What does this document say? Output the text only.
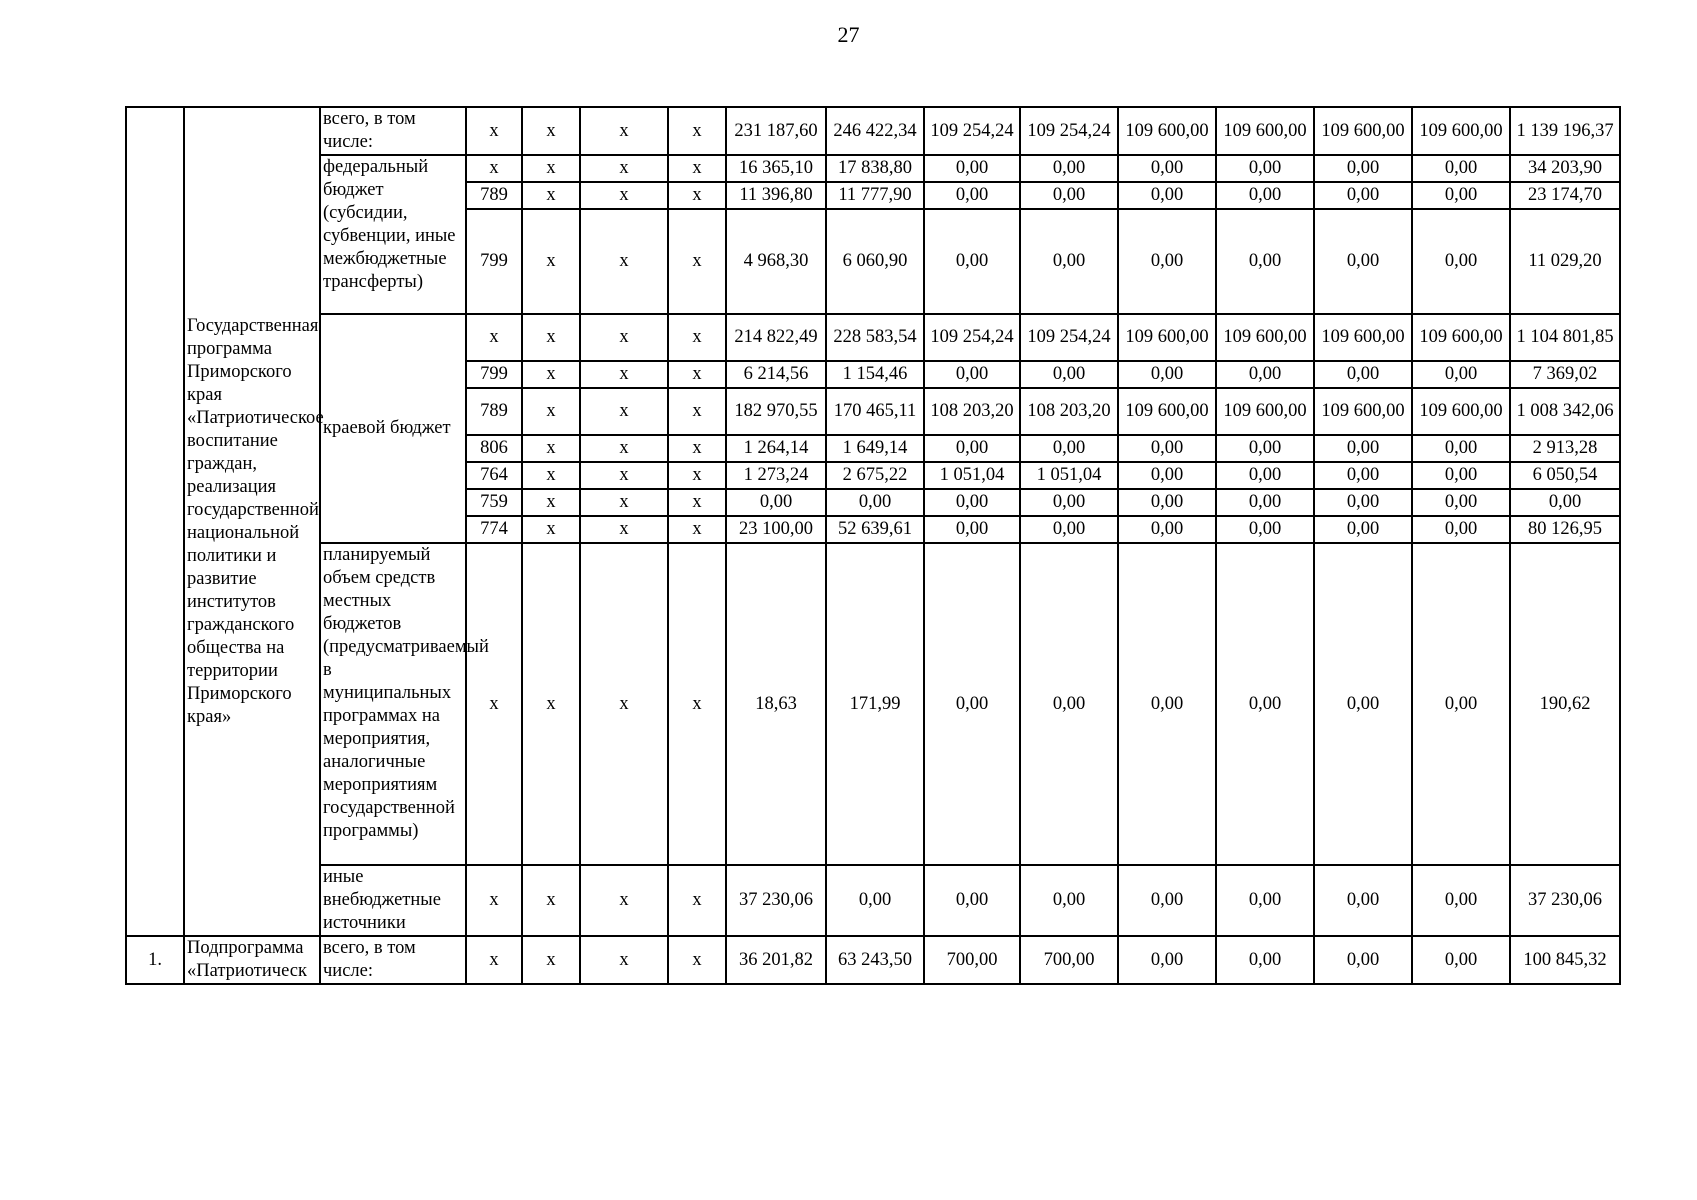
27
	Государственная программа Приморского края «Патриотическое воспитание граждан, реализация государственной национальной политики и развитие институтов гражданского общества на территории Приморского края»	всего, в том числе:	x	x	x	x	231 187,60	246 422,34	109 254,24	109 254,24	109 600,00	109 600,00	109 600,00	109 600,00	1 139 196,37
		федеральный бюджет (субсидии, субвенции, иные межбюджетные трансферты)	x	x	x	x	16 365,10	17 838,80	0,00	0,00	0,00	0,00	0,00	0,00	34 203,90
			789	x	x	x	11 396,80	11 777,90	0,00	0,00	0,00	0,00	0,00	0,00	23 174,70
			799	x	x	x	4 968,30	6 060,90	0,00	0,00	0,00	0,00	0,00	0,00	11 029,20
		краевой бюджет	x	x	x	x	214 822,49	228 583,54	109 254,24	109 254,24	109 600,00	109 600,00	109 600,00	109 600,00	1 104 801,85
			799	x	x	x	6 214,56	1 154,46	0,00	0,00	0,00	0,00	0,00	0,00	7 369,02
			789	x	x	x	182 970,55	170 465,11	108 203,20	108 203,20	109 600,00	109 600,00	109 600,00	109 600,00	1 008 342,06
			806	x	x	x	1 264,14	1 649,14	0,00	0,00	0,00	0,00	0,00	0,00	2 913,28
			764	x	x	x	1 273,24	2 675,22	1 051,04	1 051,04	0,00	0,00	0,00	0,00	6 050,54
			759	x	x	x	0,00	0,00	0,00	0,00	0,00	0,00	0,00	0,00	0,00
			774	x	x	x	23 100,00	52 639,61	0,00	0,00	0,00	0,00	0,00	0,00	80 126,95
		планируемый объем средств местных бюджетов (предусматриваемый в муниципальных программах на мероприятия, аналогичные мероприятиям государственной программы)	x	x	x	x	18,63	171,99	0,00	0,00	0,00	0,00	0,00	0,00	190,62
		иные внебюджетные источники	x	x	x	x	37 230,06	0,00	0,00	0,00	0,00	0,00	0,00	0,00	37 230,06
1.	Подпрограмма «Патриотическ	всего, в том числе:	x	x	x	x	36 201,82	63 243,50	700,00	700,00	0,00	0,00	0,00	0,00	100 845,32
